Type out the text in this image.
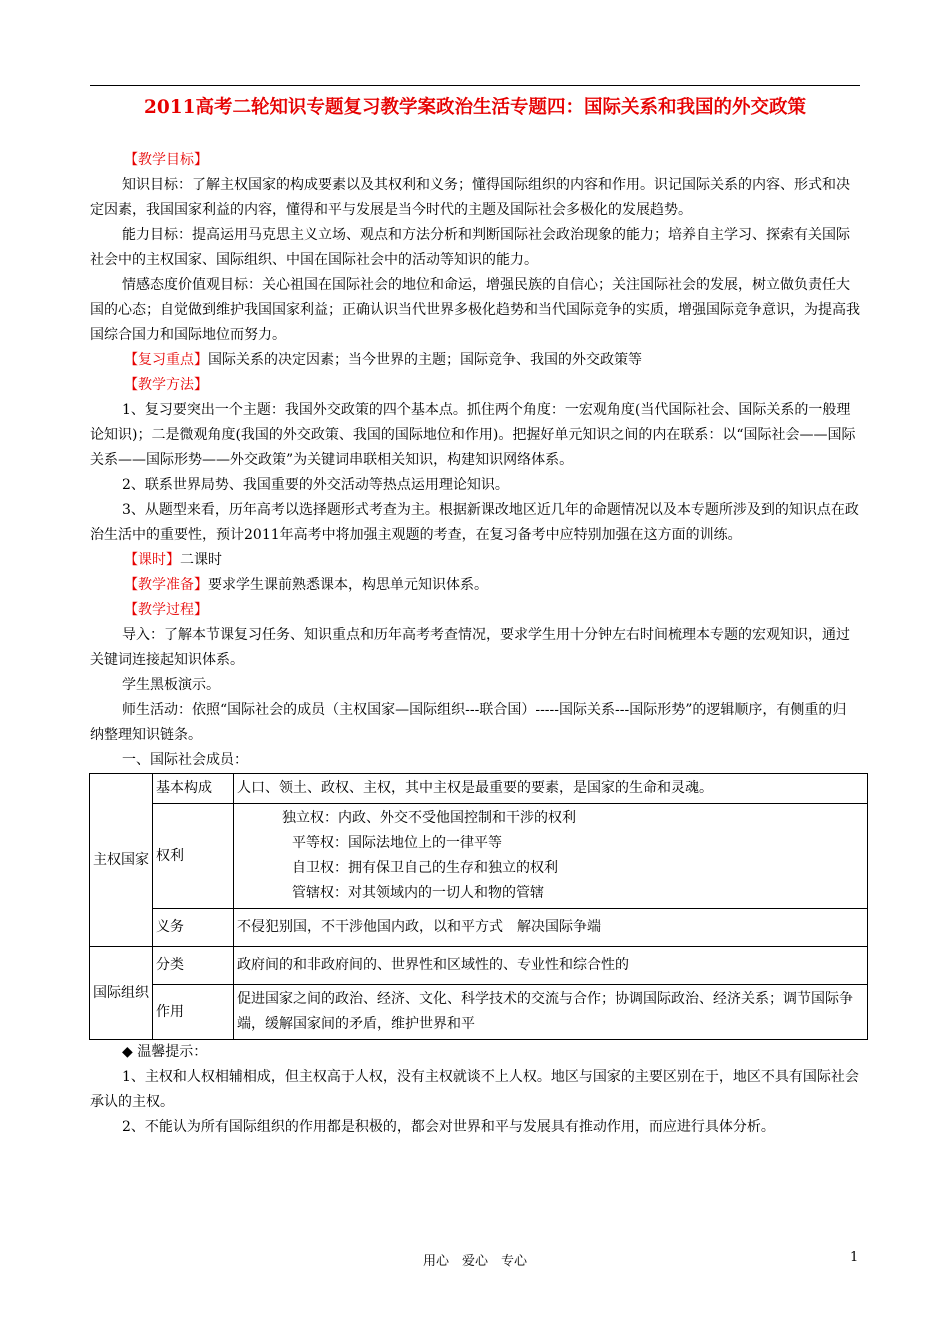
2011高考二轮知识专题复习教学案政治生活专题四：国际关系和我国的外交政策
【教学目标】

知识目标：了解主权国家的构成要素以及其权利和义务；懂得国际组织的内容和作用。识记国际关系的内容、形式和决定因素，我国国家利益的内容，懂得和平与发展是当今时代的主题及国际社会多极化的发展趋势。

能力目标：提高运用马克思主义立场、观点和方法分析和判断国际社会政治现象的能力；培养自主学习、探索有关国际社会中的主权国家、国际组织、中国在国际社会中的活动等知识的能力。

情感态度价值观目标：关心祖国在国际社会的地位和命运，增强民族的自信心；关注国际社会的发展，树立做负责任大国的心态；自觉做到维护我国国家利益；正确认识当代世界多极化趋势和当代国际竞争的实质，增强国际竞争意识，为提高我国综合国力和国际地位而努力。

【复习重点】国际关系的决定因素；当今世界的主题；国际竞争、我国的外交政策等
【教学方法】

1、复习要突出一个主题：我国外交政策的四个基本点。抓住两个角度：一宏观角度(当代国际社会、国际关系的一般理论知识)；二是微观角度(我国的外交政策、我国的国际地位和作用)。把握好单元知识之间的内在联系：以“国际社会——国际关系——国际形势——外交政策”为关键词串联相关知识，构建知识网络体系。

2、联系世界局势、我国重要的外交活动等热点运用理论知识。

3、从题型来看，历年高考以选择题形式考查为主。根据新课改地区近几年的命题情况以及本专题所涉及到的知识点在政治生活中的重要性，预计2011年高考中将加强主观题的考查，在复习备考中应特别加强在这方面的训练。

【课时】二课时
【教学准备】要求学生课前熟悉课本，构思单元知识体系。
【教学过程】

导入：了解本节课复习任务、知识重点和历年高考考查情况，要求学生用十分钟左右时间梳理本专题的宏观知识，通过关键词连接起知识体系。

学生黑板演示。

师生活动：依照“国际社会的成员（主权国家—国际组织---联合国）-----国际关系---国际形势”的逻辑顺序，有侧重的归纳整理知识链条。

一、国际社会成员：

主权国家	基本构成	人口、领土、政权、主权，其中主权是最重要的要素，是国家的生命和灵魂。
	权利	独立权：内政、外交不受他国控制和干涉的权利
平等权：国际法地位上的一律平等
自卫权：拥有保卫自己的生存和独立的权利
管辖权：对其领域内的一切人和物的管辖

	义务	不侵犯别国，不干涉他国内政，以和平方式　解决国际争端
国际组织	分类	政府间的和非政府间的、世界性和区域性的、专业性和综合性的
	作用	促进国家之间的政治、经济、文化、科学技术的交流与合作；协调国际政治、经济关系；调节国际争端，缓解国家间的矛盾，维护世界和平

◆ 温馨提示：

1、主权和人权相辅相成，但主权高于人权，没有主权就谈不上人权。地区与国家的主要区别在于，地区不具有国际社会承认的主权。

2、不能认为所有国际组织的作用都是积极的，都会对世界和平与发展具有推动作用，而应进行具体分析。

用心　爱心　专心	1
